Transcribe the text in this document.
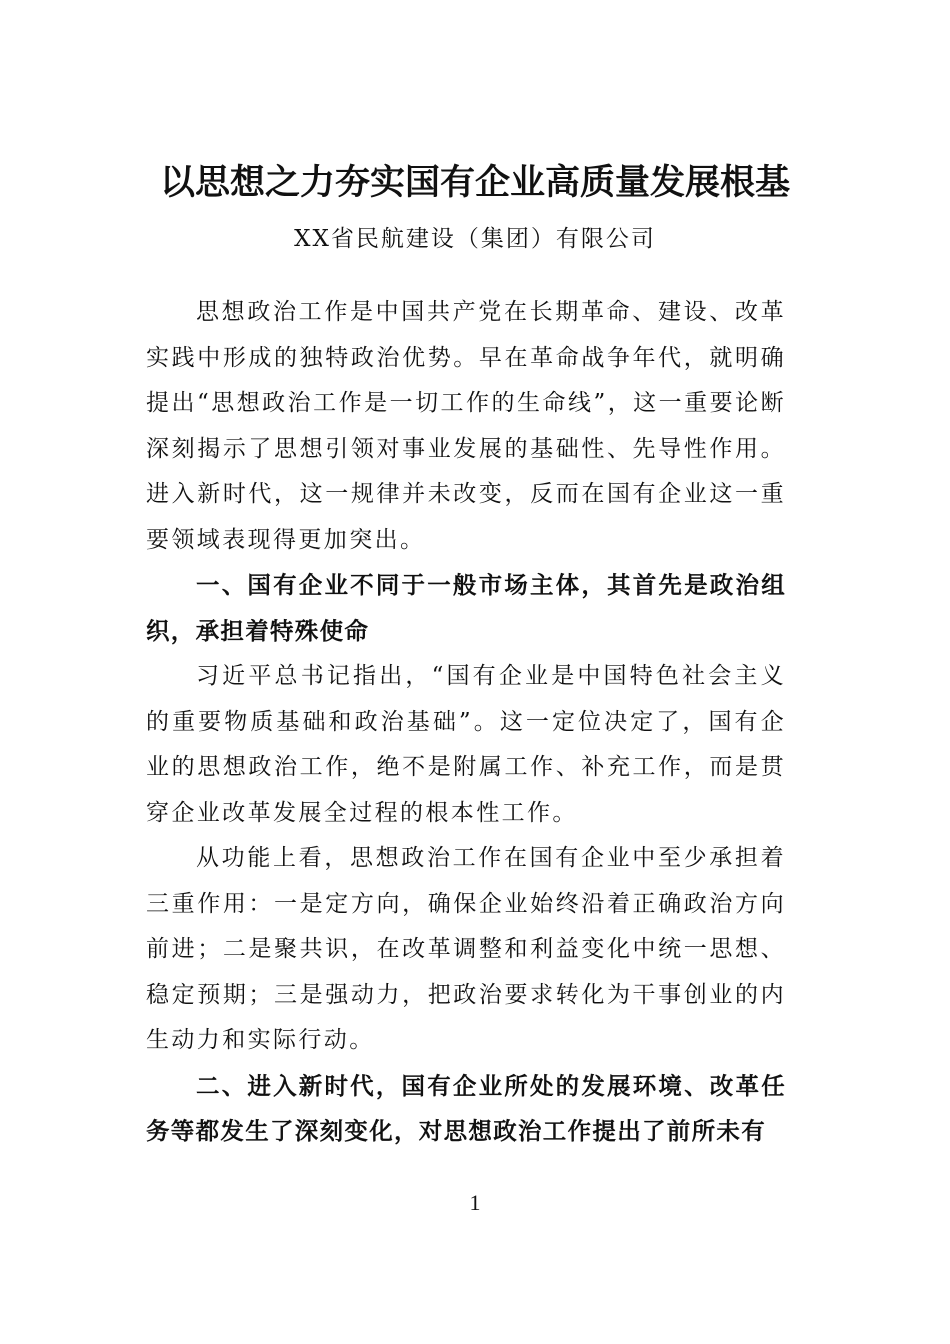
以思想之力夯实国有企业高质量发展根基
XX省民航建设（集团）有限公司

思想政治工作是中国共产党在长期革命、建设、改革实践中形成的独特政治优势。早在革命战争年代，就明确提出“思想政治工作是一切工作的生命线”，这一重要论断深刻揭示了思想引领对事业发展的基础性、先导性作用。进入新时代，这一规律并未改变，反而在国有企业这一重要领域表现得更加突出。

一、国有企业不同于一般市场主体，其首先是政治组织，承担着特殊使命

习近平总书记指出，“国有企业是中国特色社会主义的重要物质基础和政治基础”。这一定位决定了，国有企业的思想政治工作，绝不是附属工作、补充工作，而是贯穿企业改革发展全过程的根本性工作。

从功能上看，思想政治工作在国有企业中至少承担着三重作用：一是定方向，确保企业始终沿着正确政治方向前进；二是聚共识，在改革调整和利益变化中统一思想、稳定预期；三是强动力，把政治要求转化为干事创业的内生动力和实际行动。

二、进入新时代，国有企业所处的发展环境、改革任务等都发生了深刻变化，对思想政治工作提出了前所未有

1
